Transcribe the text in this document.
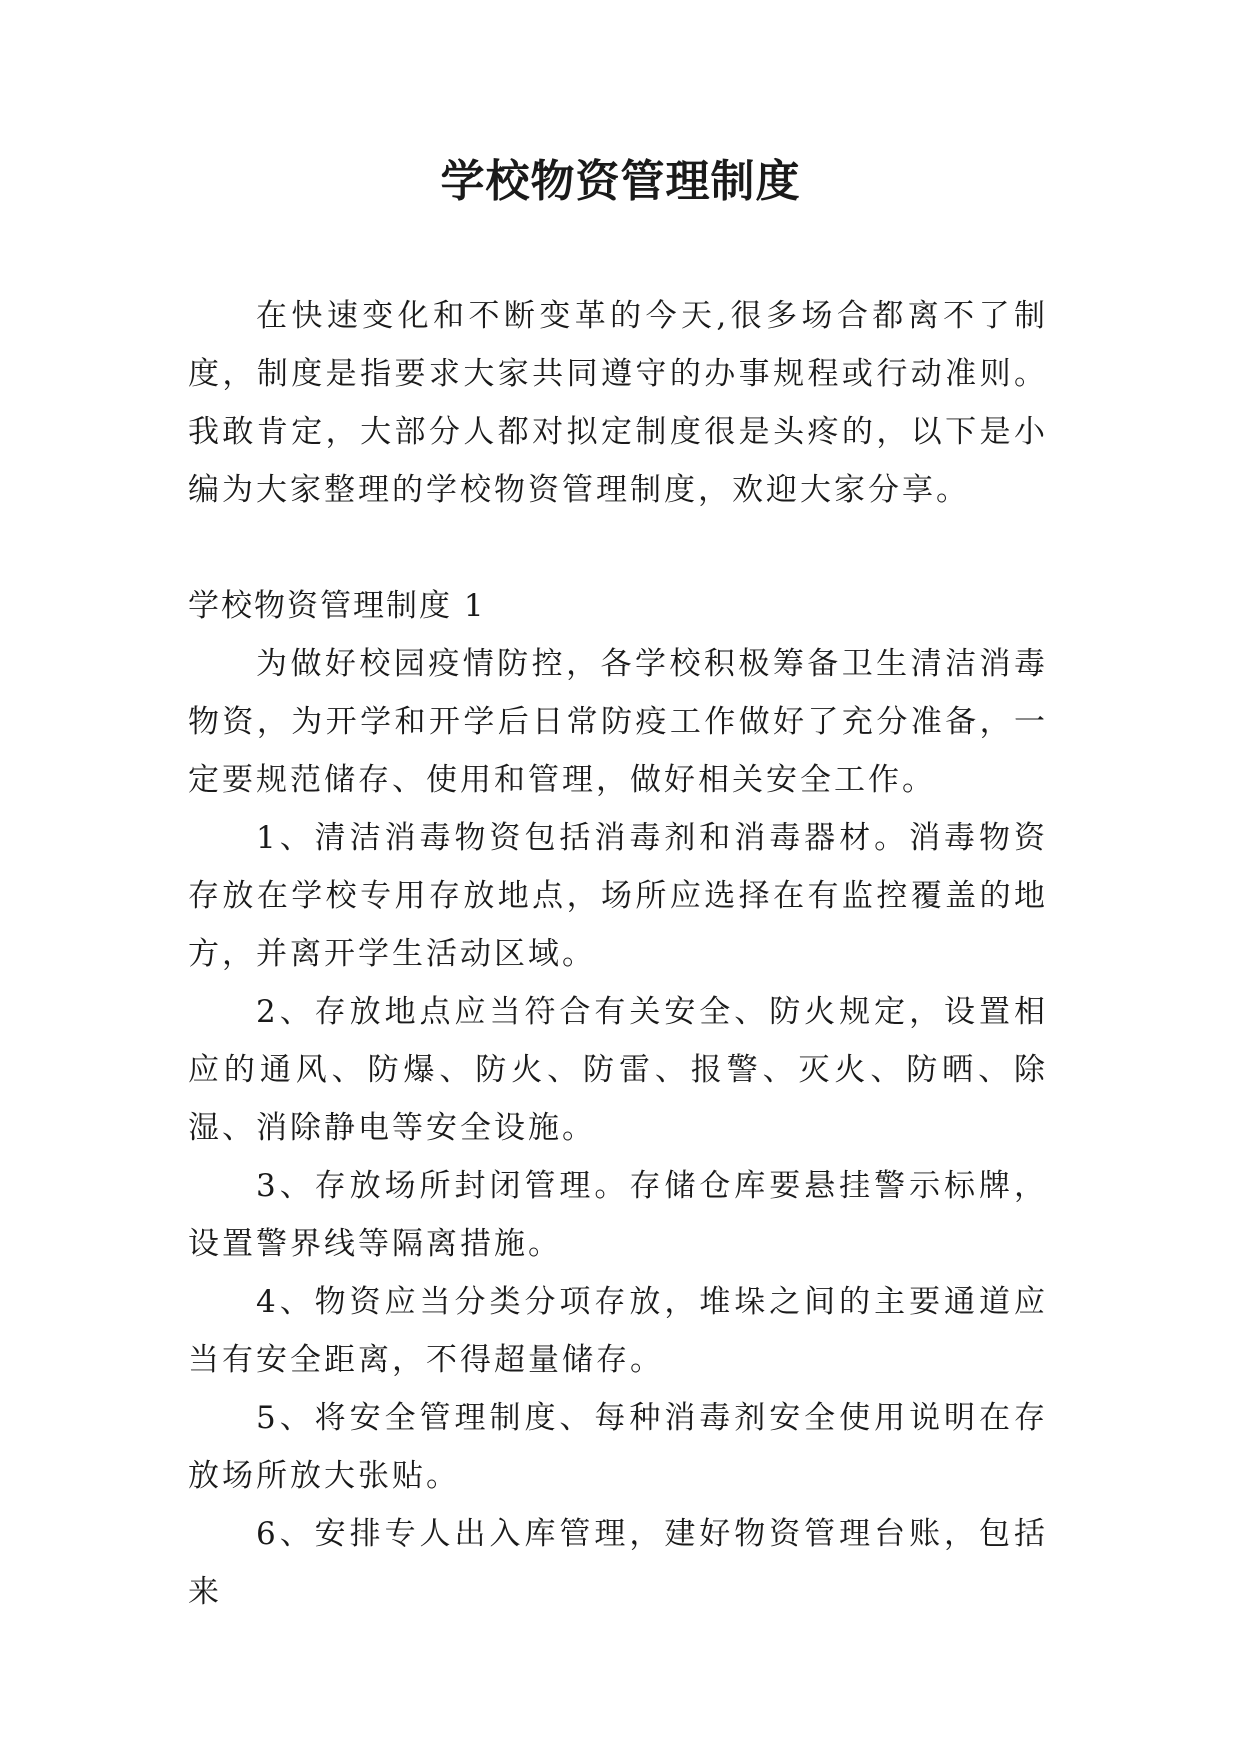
学校物资管理制度

在快速变化和不断变革的今天,很多场合都离不了制度，制度是指要求大家共同遵守的办事规程或行动准则。我敢肯定，大部分人都对拟定制度很是头疼的，以下是小编为大家整理的学校物资管理制度，欢迎大家分享。

学校物资管理制度 1

为做好校园疫情防控，各学校积极筹备卫生清洁消毒物资，为开学和开学后日常防疫工作做好了充分准备，一定要规范储存、使用和管理，做好相关安全工作。

1、清洁消毒物资包括消毒剂和消毒器材。消毒物资存放在学校专用存放地点，场所应选择在有监控覆盖的地方，并离开学生活动区域。

2、存放地点应当符合有关安全、防火规定，设置相应的通风、防爆、防火、防雷、报警、灭火、防晒、除湿、消除静电等安全设施。

3、存放场所封闭管理。存储仓库要悬挂警示标牌，设置警界线等隔离措施。

4、物资应当分类分项存放，堆垛之间的主要通道应当有安全距离，不得超量储存。

5、将安全管理制度、每种消毒剂安全使用说明在存放场所放大张贴。

6、安排专人出入库管理，建好物资管理台账，包括来
